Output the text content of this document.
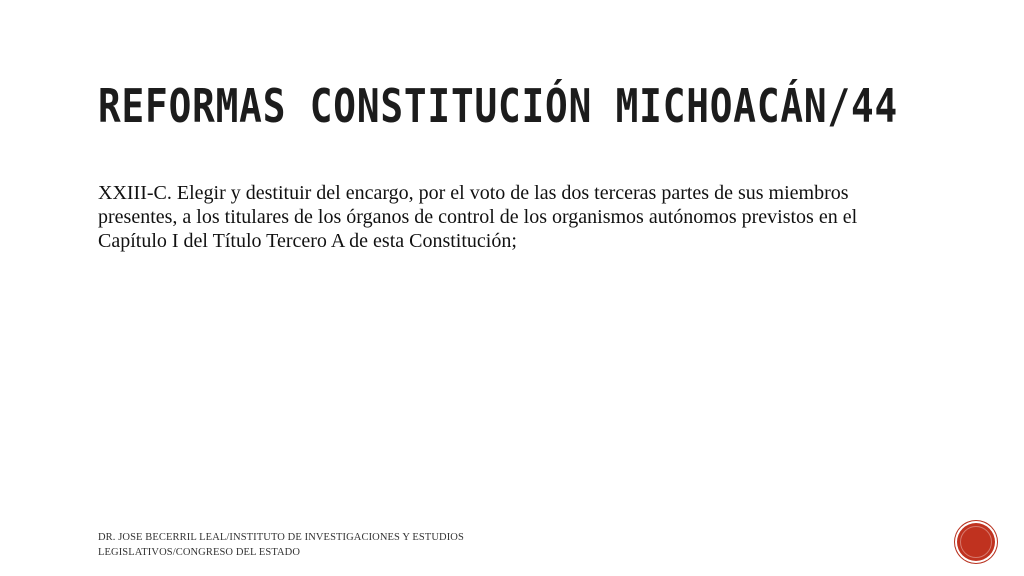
REFORMAS CONSTITUCIÓN MICHOACÁN/44

XXIII-C. Elegir y destituir del encargo, por el voto de las dos terceras partes de sus miembros presentes, a los titulares de los órganos de control de los organismos autónomos previstos en el Capítulo I del Título Tercero A de esta Constitución;

DR. JOSE BECERRIL LEAL/INSTITUTO DE INVESTIGACIONES Y ESTUDIOS LEGISLATIVOS/CONGRESO DEL ESTADO
